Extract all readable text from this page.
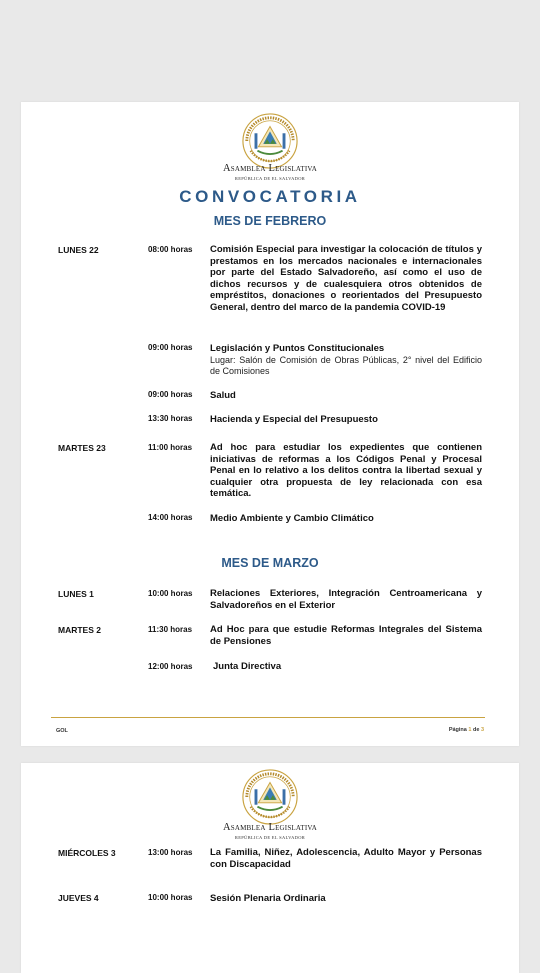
Asamblea Legislativa
REPÚBLICA DE EL SALVADOR
CONVOCATORIA
MES DE FEBRERO
LUNES 22	08:00 horas Comisión Especial para investigar la colocación de títulos y prestamos en los mercados nacionales e internacionales por parte del Estado Salvadoreño, así como el uso de dichos recursos y de cualesquiera otros obtenidos de empréstitos, donaciones o reorientados del Presupuesto General, dentro del marco de la pandemia COVID-19
09:00 horas Legislación y Puntos Constitucionales
Lugar: Salón de Comisión de Obras Públicas, 2° nivel del Edificio de Comisiones
09:00 horas Salud
13:30 horas Hacienda y Especial del Presupuesto
MARTES 23	11:00 horas Ad hoc para estudiar los expedientes que contienen iniciativas de reformas a los Códigos Penal y Procesal Penal en lo relativo a los delitos contra la libertad sexual y cualquier otra propuesta de ley relacionada con esa temática.
14:00 horas Medio Ambiente y Cambio Climático
MES DE MARZO
LUNES 1	10:00 horas Relaciones Exteriores, Integración Centroamericana y Salvadoreños en el Exterior
MARTES 2	11:30 horas Ad Hoc para que estudie Reformas Integrales del Sistema de Pensiones
12:00 horas Junta Directiva
GOL	Página 1 de 3
Asamblea Legislativa
REPÚBLICA DE EL SALVADOR
MIÉRCOLES 3	13:00 horas La Familia, Niñez, Adolescencia, Adulto Mayor y Personas con Discapacidad
JUEVES 4	10:00 horas Sesión Plenaria Ordinaria
